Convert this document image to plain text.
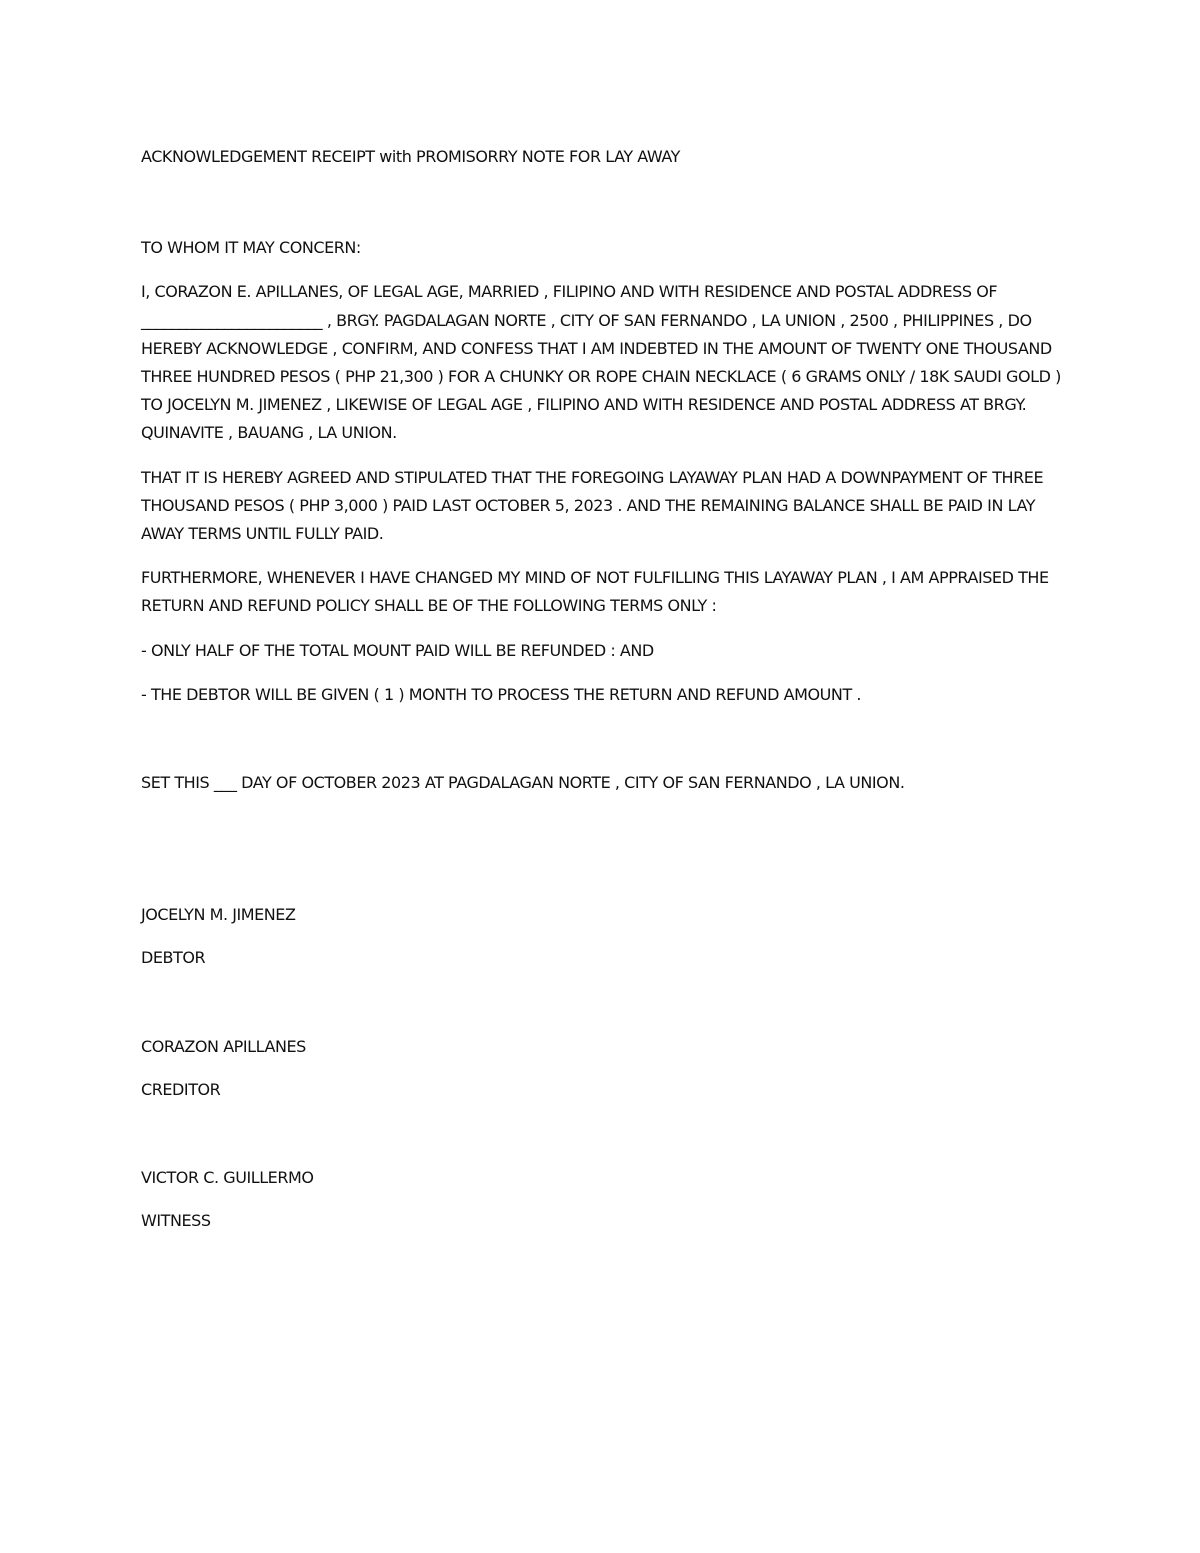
ACKNOWLEDGEMENT RECEIPT with PROMISORRY NOTE FOR LAY AWAY

TO WHOM IT MAY CONCERN:

I, CORAZON E. APILLANES, OF LEGAL AGE, MARRIED , FILIPINO AND WITH RESIDENCE AND POSTAL ADDRESS OF ________________________ , BRGY. PAGDALAGAN NORTE , CITY OF SAN FERNANDO , LA UNION , 2500 , PHILIPPINES , DO HEREBY ACKNOWLEDGE , CONFIRM, AND CONFESS THAT I AM INDEBTED IN THE AMOUNT OF TWENTY ONE THOUSAND THREE HUNDRED PESOS ( PHP 21,300 ) FOR A CHUNKY OR ROPE CHAIN NECKLACE ( 6 GRAMS ONLY / 18K SAUDI GOLD ) TO JOCELYN M. JIMENEZ , LIKEWISE OF LEGAL AGE , FILIPINO AND WITH RESIDENCE AND POSTAL ADDRESS AT BRGY. QUINAVITE , BAUANG , LA UNION.

THAT IT IS HEREBY AGREED AND STIPULATED THAT THE FOREGOING LAYAWAY PLAN HAD A DOWNPAYMENT OF THREE THOUSAND PESOS ( PHP 3,000 ) PAID LAST OCTOBER 5, 2023 . AND THE REMAINING BALANCE SHALL BE PAID IN LAY AWAY TERMS UNTIL FULLY PAID.

FURTHERMORE, WHENEVER I HAVE CHANGED MY MIND OF NOT FULFILLING THIS LAYAWAY PLAN , I AM APPRAISED THE RETURN AND REFUND POLICY SHALL BE OF THE FOLLOWING TERMS ONLY :

- ONLY HALF OF THE TOTAL MOUNT PAID WILL BE REFUNDED : AND

- THE DEBTOR WILL BE GIVEN ( 1 ) MONTH TO PROCESS THE RETURN AND REFUND AMOUNT .

SET THIS ___ DAY OF OCTOBER 2023 AT PAGDALAGAN NORTE , CITY OF SAN FERNANDO , LA UNION.

JOCELYN M. JIMENEZ

DEBTOR

CORAZON APILLANES

CREDITOR

VICTOR C. GUILLERMO

WITNESS
